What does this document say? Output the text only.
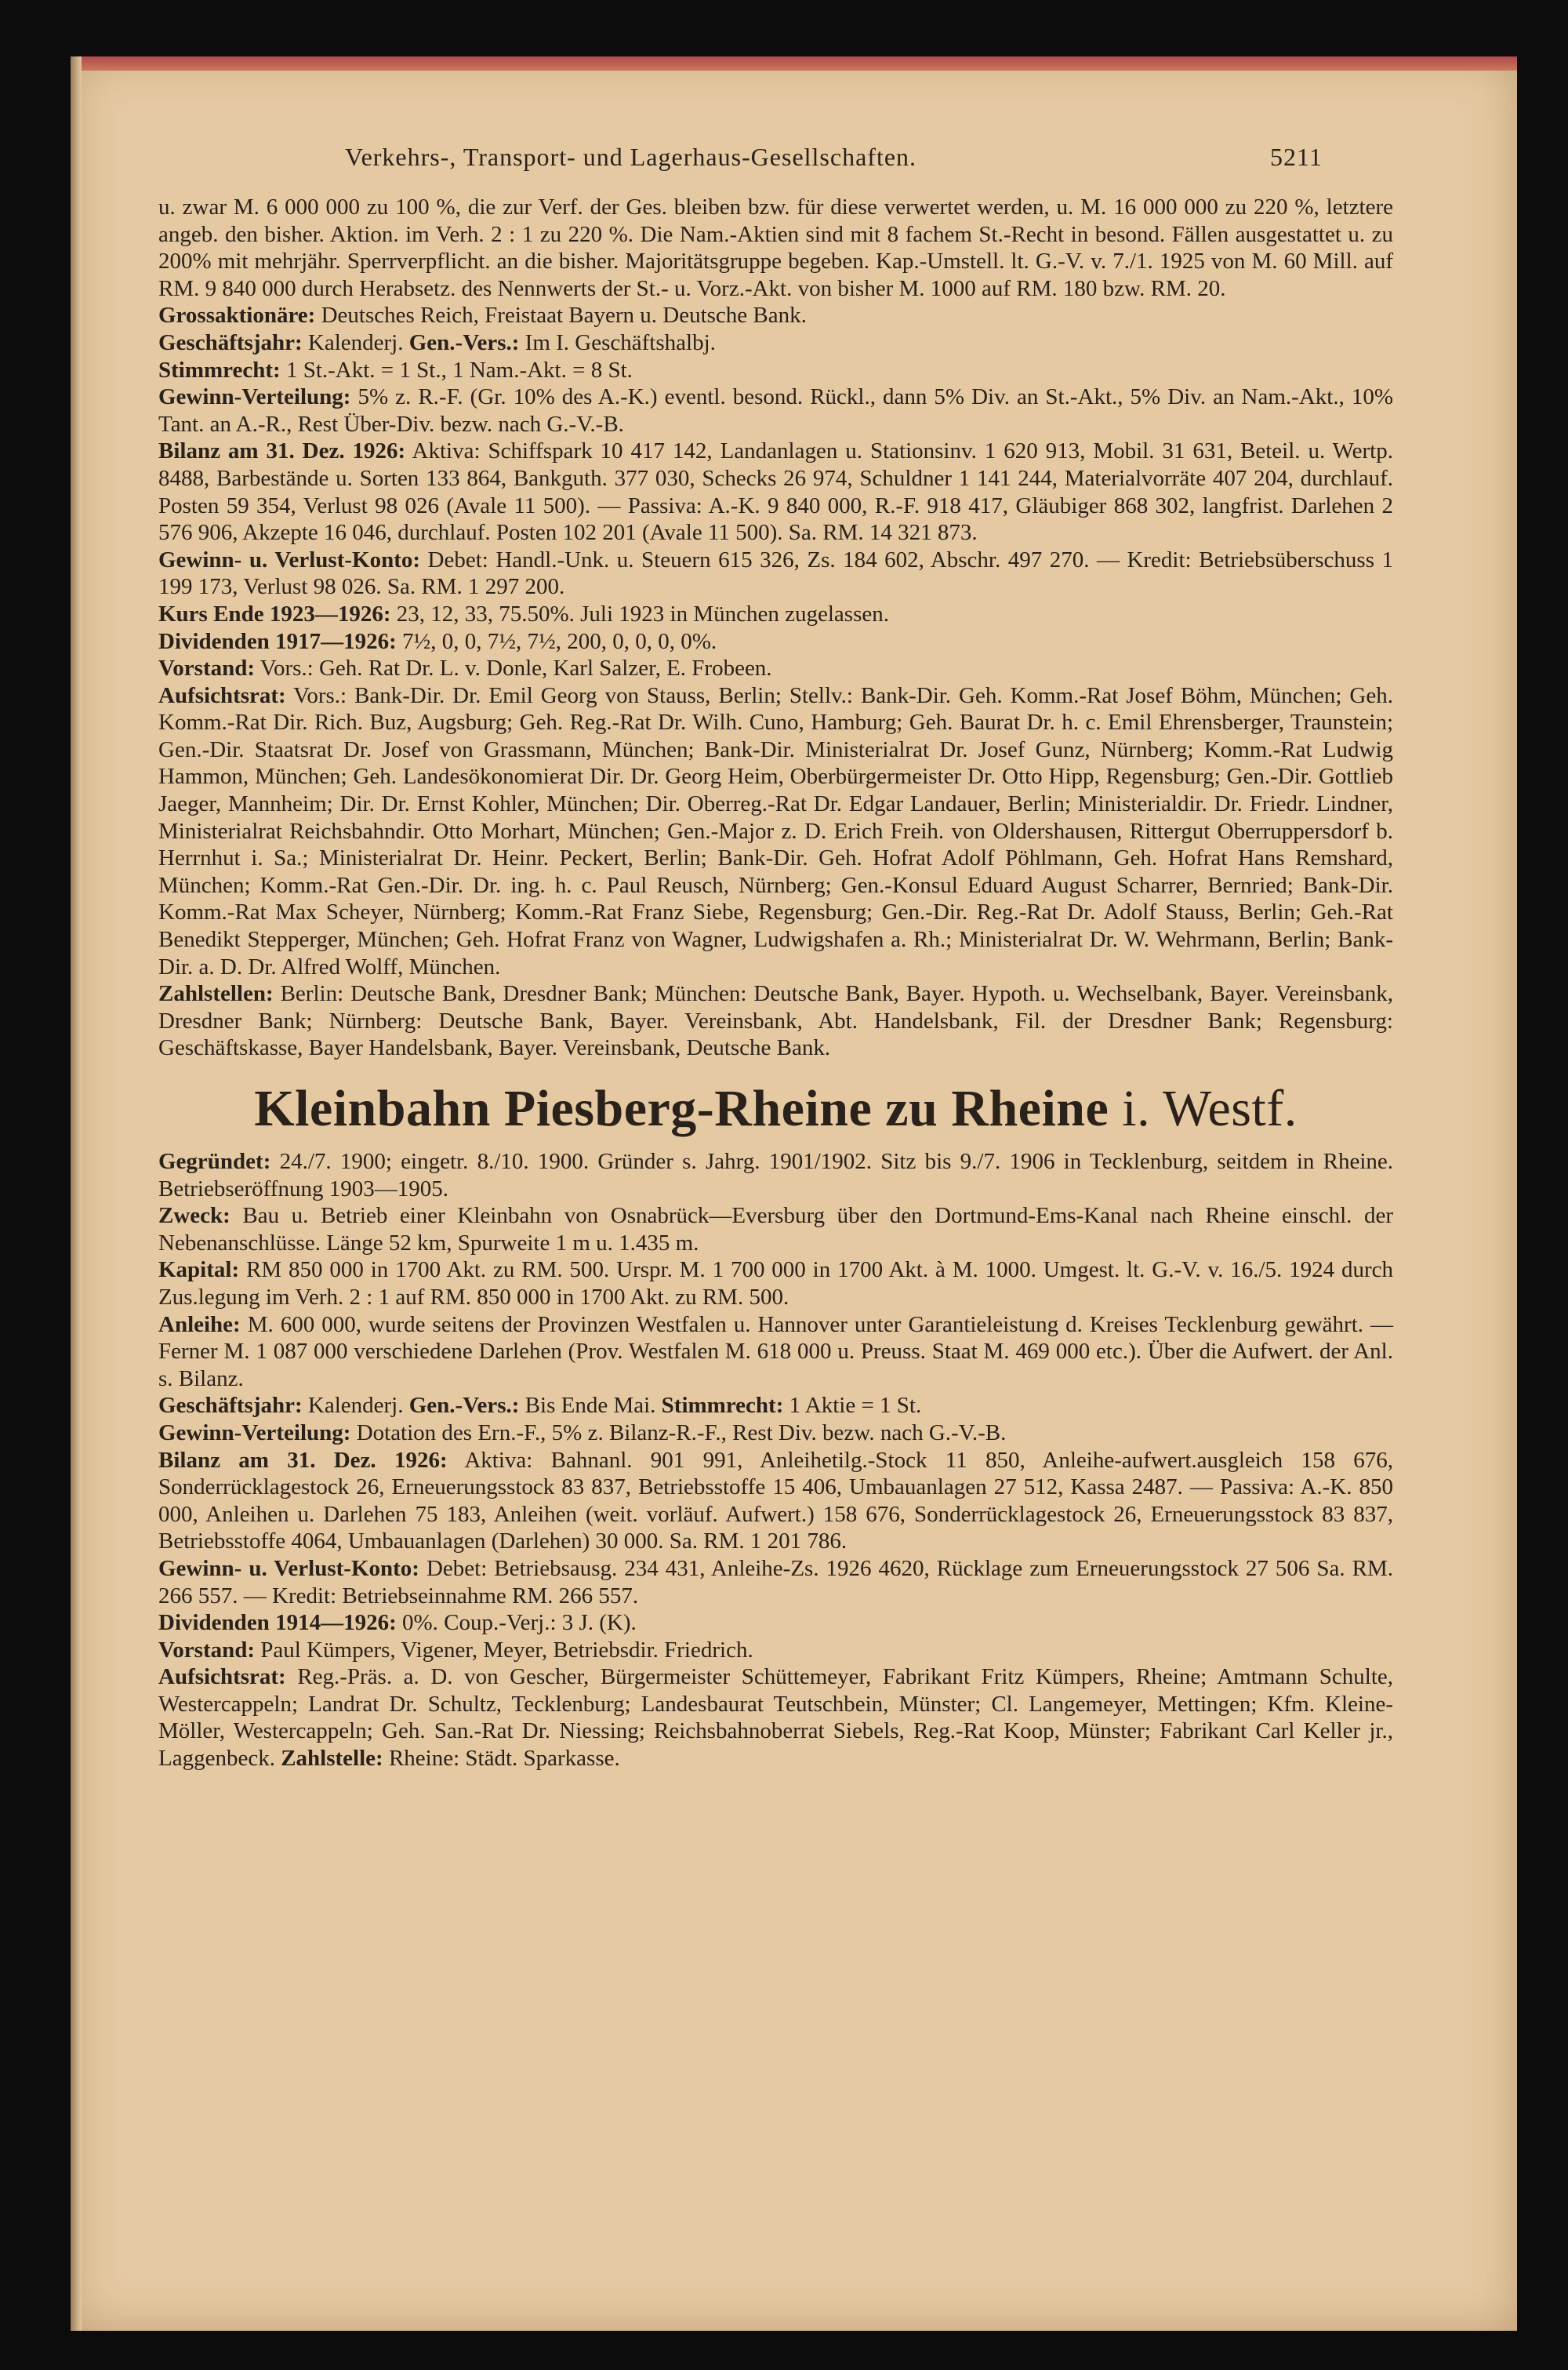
Verkehrs-, Transport- und Lagerhaus-Gesellschaften.	5211

u. zwar M. 6 000 000 zu 100 %, die zur Verf. der Ges. bleiben bzw. für diese verwertet werden, u. M. 16 000 000 zu 220 %, letztere angeb. den bisher. Aktion. im Verh. 2 : 1 zu 220 %. Die Nam.-Aktien sind mit 8 fachem St.-Recht in besond. Fällen ausgestattet u. zu 200% mit mehrjähr. Sperrverpflicht. an die bisher. Majoritätsgruppe begeben. Kap.-Umstell. lt. G.-V. v. 7./1. 1925 von M. 60 Mill. auf RM. 9 840 000 durch Herabsetz. des Nennwerts der St.- u. Vorz.-Akt. von bisher M. 1000 auf RM. 180 bzw. RM. 20.

Grossaktionäre: Deutsches Reich, Freistaat Bayern u. Deutsche Bank.

Geschäftsjahr: Kalenderj. Gen.-Vers.: Im I. Geschäftshalbj.

Stimmrecht: 1 St.-Akt. = 1 St., 1 Nam.-Akt. = 8 St.

Gewinn-Verteilung: 5% z. R.-F. (Gr. 10% des A.-K.) eventl. besond. Rückl., dann 5% Div. an St.-Akt., 5% Div. an Nam.-Akt., 10% Tant. an A.-R., Rest Über-Div. bezw. nach G.-V.-B.

Bilanz am 31. Dez. 1926: Aktiva: Schiffspark 10 417 142, Landanlagen u. Stationsinv. 1 620 913, Mobil. 31 631, Beteil. u. Wertp. 8488, Barbestände u. Sorten 133 864, Bankguth. 377 030, Schecks 26 974, Schuldner 1 141 244, Materialvorräte 407 204, durchlauf. Posten 59 354, Verlust 98 026 (Avale 11 500). — Passiva: A.-K. 9 840 000, R.-F. 918 417, Gläubiger 868 302, langfrist. Darlehen 2 576 906, Akzepte 16 046, durchlauf. Posten 102 201 (Avale 11 500). Sa. RM. 14 321 873.

Gewinn- u. Verlust-Konto: Debet: Handl.-Unk. u. Steuern 615 326, Zs. 184 602, Abschr. 497 270. — Kredit: Betriebsüberschuss 1 199 173, Verlust 98 026. Sa. RM. 1 297 200.

Kurs Ende 1923—1926: 23, 12, 33, 75.50%. Juli 1923 in München zugelassen.

Dividenden 1917—1926: 7½, 0, 0, 7½, 7½, 200, 0, 0, 0, 0%.

Vorstand: Vors.: Geh. Rat Dr. L. v. Donle, Karl Salzer, E. Frobeen.

Aufsichtsrat: Vors.: Bank-Dir. Dr. Emil Georg von Stauss, Berlin; Stellv.: Bank-Dir. Geh. Komm.-Rat Josef Böhm, München; Geh. Komm.-Rat Dir. Rich. Buz, Augsburg; Geh. Reg.-Rat Dr. Wilh. Cuno, Hamburg; Geh. Baurat Dr. h. c. Emil Ehrensberger, Traunstein; Gen.-Dir. Staatsrat Dr. Josef von Grassmann, München; Bank-Dir. Ministerialrat Dr. Josef Gunz, Nürnberg; Komm.-Rat Ludwig Hammon, München; Geh. Landesökonomierat Dir. Dr. Georg Heim, Oberbürgermeister Dr. Otto Hipp, Regensburg; Gen.-Dir. Gottlieb Jaeger, Mannheim; Dir. Dr. Ernst Kohler, München; Dir. Oberreg.-Rat Dr. Edgar Landauer, Berlin; Ministerialdir. Dr. Friedr. Lindner, Ministerialrat Reichsbahndir. Otto Morhart, München; Gen.-Major z. D. Erich Freih. von Oldershausen, Rittergut Oberruppersdorf b. Herrnhut i. Sa.; Ministerialrat Dr. Heinr. Peckert, Berlin; Bank-Dir. Geh. Hofrat Adolf Pöhlmann, Geh. Hofrat Hans Remshard, München; Komm.-Rat Gen.-Dir. Dr. ing. h. c. Paul Reusch, Nürnberg; Gen.-Konsul Eduard August Scharrer, Bernried; Bank-Dir. Komm.-Rat Max Scheyer, Nürnberg; Komm.-Rat Franz Siebe, Regensburg; Gen.-Dir. Reg.-Rat Dr. Adolf Stauss, Berlin; Geh.-Rat Benedikt Stepperger, München; Geh. Hofrat Franz von Wagner, Ludwigshafen a. Rh.; Ministerialrat Dr. W. Wehrmann, Berlin; Bank-Dir. a. D. Dr. Alfred Wolff, München.

Zahlstellen: Berlin: Deutsche Bank, Dresdner Bank; München: Deutsche Bank, Bayer. Hypoth. u. Wechselbank, Bayer. Vereinsbank, Dresdner Bank; Nürnberg: Deutsche Bank, Bayer. Vereinsbank, Abt. Handelsbank, Fil. der Dresdner Bank; Regensburg: Geschäftskasse, Bayer Handelsbank, Bayer. Vereinsbank, Deutsche Bank.

Kleinbahn Piesberg-Rheine zu Rheine i. Westf.

Gegründet: 24./7. 1900; eingetr. 8./10. 1900. Gründer s. Jahrg. 1901/1902. Sitz bis 9./7. 1906 in Tecklenburg, seitdem in Rheine. Betriebseröffnung 1903—1905.

Zweck: Bau u. Betrieb einer Kleinbahn von Osnabrück—Eversburg über den Dortmund-Ems-Kanal nach Rheine einschl. der Nebenanschlüsse. Länge 52 km, Spurweite 1 m u. 1.435 m.

Kapital: RM 850 000 in 1700 Akt. zu RM. 500. Urspr. M. 1 700 000 in 1700 Akt. à M. 1000. Umgest. lt. G.-V. v. 16./5. 1924 durch Zus.legung im Verh. 2 : 1 auf RM. 850 000 in 1700 Akt. zu RM. 500.

Anleihe: M. 600 000, wurde seitens der Provinzen Westfalen u. Hannover unter Garantieleistung d. Kreises Tecklenburg gewährt. — Ferner M. 1 087 000 verschiedene Darlehen (Prov. Westfalen M. 618 000 u. Preuss. Staat M. 469 000 etc.). Über die Aufwert. der Anl. s. Bilanz.

Geschäftsjahr: Kalenderj. Gen.-Vers.: Bis Ende Mai. Stimmrecht: 1 Aktie = 1 St.

Gewinn-Verteilung: Dotation des Ern.-F., 5% z. Bilanz-R.-F., Rest Div. bezw. nach G.-V.-B.

Bilanz am 31. Dez. 1926: Aktiva: Bahnanl. 901 991, Anleihetilg.-Stock 11 850, Anleihe-aufwert.ausgleich 158 676, Sonderrücklagestock 26, Erneuerungsstock 83 837, Betriebsstoffe 15 406, Umbauanlagen 27 512, Kassa 2487. — Passiva: A.-K. 850 000, Anleihen u. Darlehen 75 183, Anleihen (weit. vorläuf. Aufwert.) 158 676, Sonderrücklagestock 26, Erneuerungsstock 83 837, Betriebsstoffe 4064, Umbauanlagen (Darlehen) 30 000. Sa. RM. 1 201 786.

Gewinn- u. Verlust-Konto: Debet: Betriebsausg. 234 431, Anleihe-Zs. 1926 4620, Rücklage zum Erneuerungsstock 27 506 Sa. RM. 266 557. — Kredit: Betriebseinnahme RM. 266 557.

Dividenden 1914—1926: 0%. Coup.-Verj.: 3 J. (K).

Vorstand: Paul Kümpers, Vigener, Meyer, Betriebsdir. Friedrich.

Aufsichtsrat: Reg.-Präs. a. D. von Gescher, Bürgermeister Schüttemeyer, Fabrikant Fritz Kümpers, Rheine; Amtmann Schulte, Westercappeln; Landrat Dr. Schultz, Tecklenburg; Landesbaurat Teutschbein, Münster; Cl. Langemeyer, Mettingen; Kfm. Kleine-Möller, Westercappeln; Geh. San.-Rat Dr. Niessing; Reichsbahnoberrat Siebels, Reg.-Rat Koop, Münster; Fabrikant Carl Keller jr., Laggenbeck. Zahlstelle: Rheine: Städt. Sparkasse.
